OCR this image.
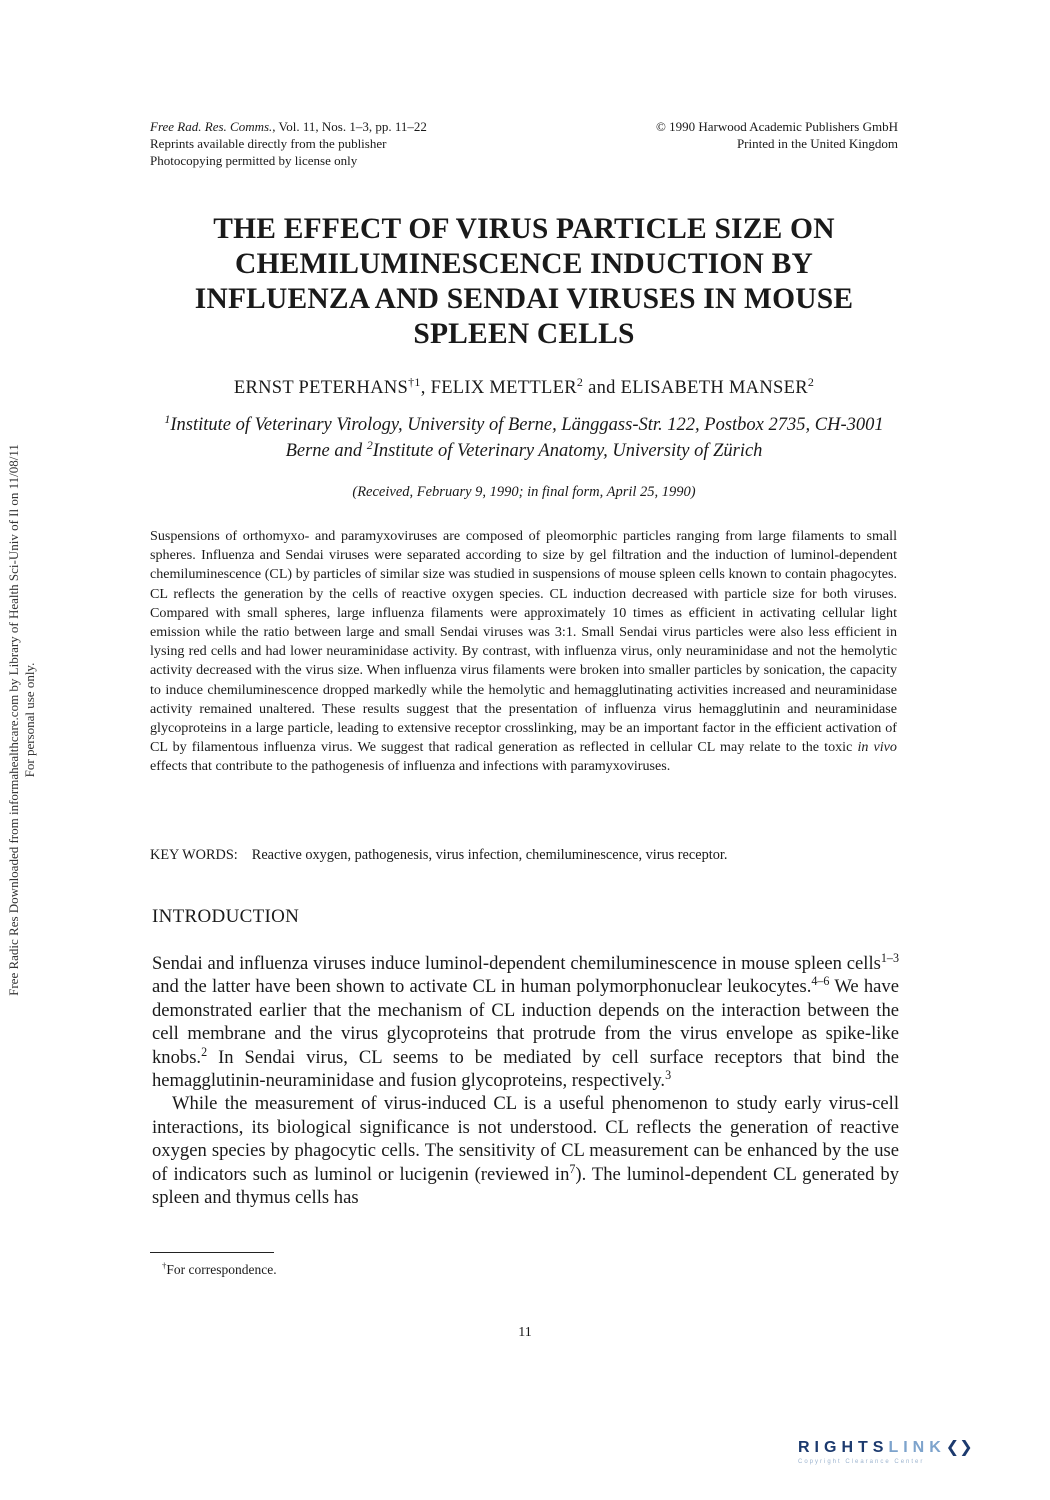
Free Radic Res Downloaded from informahealthcare.com by Library of Health Sci-Univ of Il on 11/08/11 For personal use only.
Free Rad. Res. Comms., Vol. 11, Nos. 1–3, pp. 11–22
Reprints available directly from the publisher
Photocopying permitted by license only
© 1990 Harwood Academic Publishers GmbH
Printed in the United Kingdom
THE EFFECT OF VIRUS PARTICLE SIZE ON
CHEMILUMINESCENCE INDUCTION BY
INFLUENZA AND SENDAI VIRUSES IN MOUSE
SPLEEN CELLS
ERNST PETERHANS$^{\dagger 1}$, FELIX METTLER$^2$ and ELISABETH MANSER$^2$
$^1$Institute of Veterinary Virology, University of Berne, Länggass-Str. 122, Postbox 2735, CH-3001 Berne and $^2$Institute of Veterinary Anatomy, University of Zürich
(Received, February 9, 1990; in final form, April 25, 1990)

Suspensions of orthomyxo- and paramyxoviruses are composed of pleomorphic particles ranging from large filaments to small spheres. Influenza and Sendai viruses were separated according to size by gel filtration and the induction of luminol-dependent chemiluminescence (CL) by particles of similar size was studied in suspensions of mouse spleen cells known to contain phagocytes. CL reflects the generation by the cells of reactive oxygen species. CL induction decreased with particle size for both viruses. Compared with small spheres, large influenza filaments were approximately 10 times as efficient in activating cellular light emission while the ratio between large and small Sendai viruses was 3:1. Small Sendai virus particles were also less efficient in lysing red cells and had lower neuraminidase activity. By contrast, with influenza virus, only neuraminidase and not the hemolytic activity decreased with the virus size. When influenza virus filaments were broken into smaller particles by sonication, the capacity to induce chemiluminescence dropped markedly while the hemolytic and hemagglutinating activities increased and neuraminidase activity remained unaltered. These results suggest that the presentation of influenza virus hemagglutinin and neuraminidase glycoproteins in a large particle, leading to extensive receptor crosslinking, may be an important factor in the efficient activation of CL by filamentous influenza virus. We suggest that radical generation as reflected in cellular CL may relate to the toxic in vivo effects that contribute to the pathogenesis of influenza and infections with paramyxoviruses.

KEY WORDS: Reactive oxygen, pathogenesis, virus infection, chemiluminescence, virus receptor.
INTRODUCTION

Sendai and influenza viruses induce luminol-dependent chemiluminescence in mouse spleen cells$^{1-3}$ and the latter have been shown to activate CL in human polymorphonuclear leukocytes.$^{4-6}$ We have demonstrated earlier that the mechanism of CL induction depends on the interaction between the cell membrane and the virus glycoproteins that protrude from the virus envelope as spike-like knobs.$^2$ In Sendai virus, CL seems to be mediated by cell surface receptors that bind the hemagglutinin-neuraminidase and fusion glycoproteins, respectively.$^3$

While the measurement of virus-induced CL is a useful phenomenon to study early virus-cell interactions, its biological significance is not understood. CL reflects the generation of reactive oxygen species by phagocytic cells. The sensitivity of CL measurement can be enhanced by the use of indicators such as luminol or lucigenin (reviewed $in^7$). The luminol-dependent CL generated by spleen and thymus cells has

†For correspondence.
11
RIGHTSLINK❮❯
Copyright Clearance Center
